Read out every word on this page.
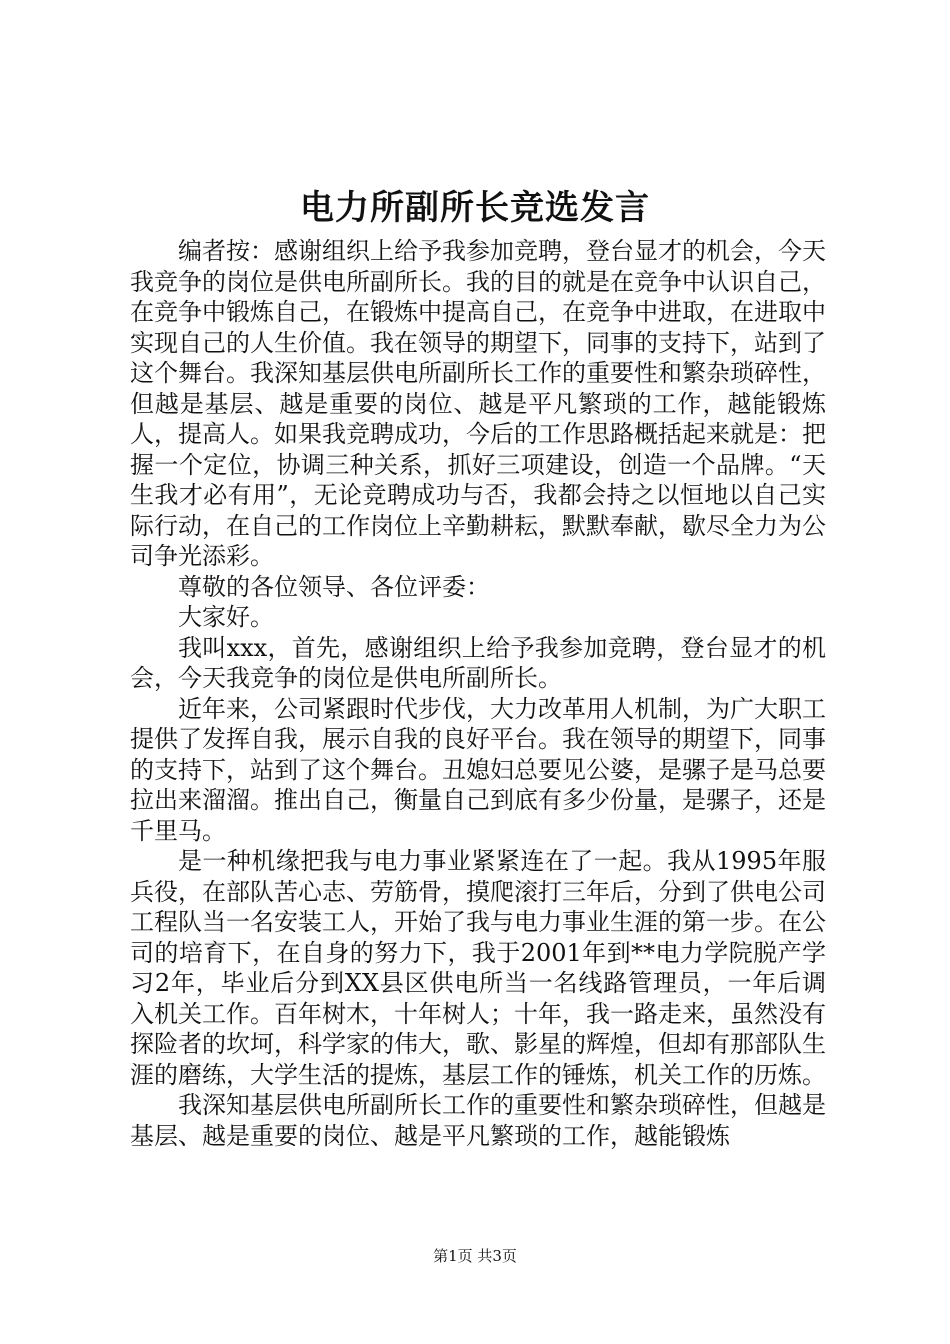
电力所副所长竞选发言

编者按：感谢组织上给予我参加竞聘，登台显才的机会，今天我竞争的岗位是供电所副所长。我的目的就是在竞争中认识自己，在竞争中锻炼自己，在锻炼中提高自己，在竞争中进取，在进取中实现自己的人生价值。我在领导的期望下，同事的支持下，站到了这个舞台。我深知基层供电所副所长工作的重要性和繁杂琐碎性，但越是基层、越是重要的岗位、越是平凡繁琐的工作，越能锻炼人，提高人。如果我竞聘成功，今后的工作思路概括起来就是：把握一个定位，协调三种关系，抓好三项建设，创造一个品牌。“天生我才必有用”，无论竞聘成功与否，我都会持之以恒地以自己实际行动，在自己的工作岗位上辛勤耕耘，默默奉献，歇尽全力为公司争光添彩。

尊敬的各位领导、各位评委：

大家好。

我叫xxx，首先，感谢组织上给予我参加竞聘，登台显才的机会，今天我竞争的岗位是供电所副所长。

近年来，公司紧跟时代步伐，大力改革用人机制，为广大职工提供了发挥自我，展示自我的良好平台。我在领导的期望下，同事的支持下，站到了这个舞台。丑媳妇总要见公婆，是骡子是马总要拉出来溜溜。推出自己，衡量自己到底有多少份量，是骡子，还是千里马。

是一种机缘把我与电力事业紧紧连在了一起。我从1995年服兵役，在部队苦心志、劳筋骨，摸爬滚打三年后，分到了供电公司工程队当一名安装工人，开始了我与电力事业生涯的第一步。在公司的培育下，在自身的努力下，我于2001年到**电力学院脱产学习2年，毕业后分到XX县区供电所当一名线路管理员，一年后调入机关工作。百年树木，十年树人；十年，我一路走来，虽然没有探险者的坎坷，科学家的伟大，歌、影星的辉煌，但却有那部队生涯的磨练，大学生活的提炼，基层工作的锤炼，机关工作的历炼。

我深知基层供电所副所长工作的重要性和繁杂琐碎性，但越是基层、越是重要的岗位、越是平凡繁琐的工作，越能锻炼

第1页 共3页
